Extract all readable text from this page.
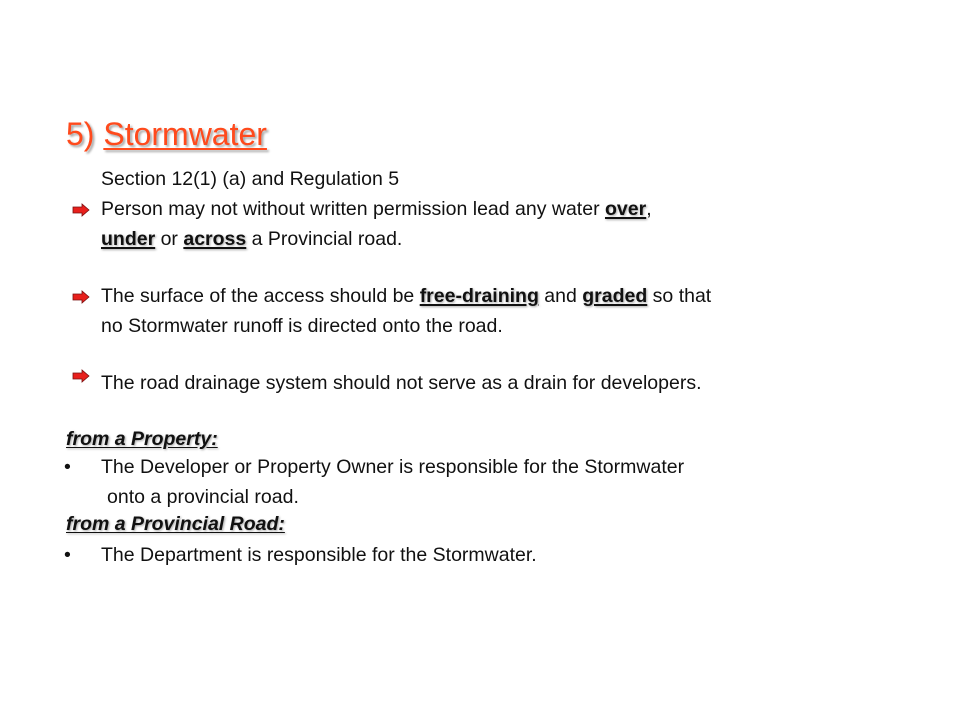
5) Stormwater
Section 12(1) (a) and Regulation 5
Person may not without written permission lead any water over,
under or across a Provincial road.
The surface of the access should be free-draining and graded so that
no Stormwater runoff is directed onto the road.
The road drainage system should not serve as a drain for developers.
from a Property:
• The Developer or Property Owner is responsible for the Stormwater
onto a provincial road.
from a Provincial Road:
• The Department is responsible for the Stormwater.
